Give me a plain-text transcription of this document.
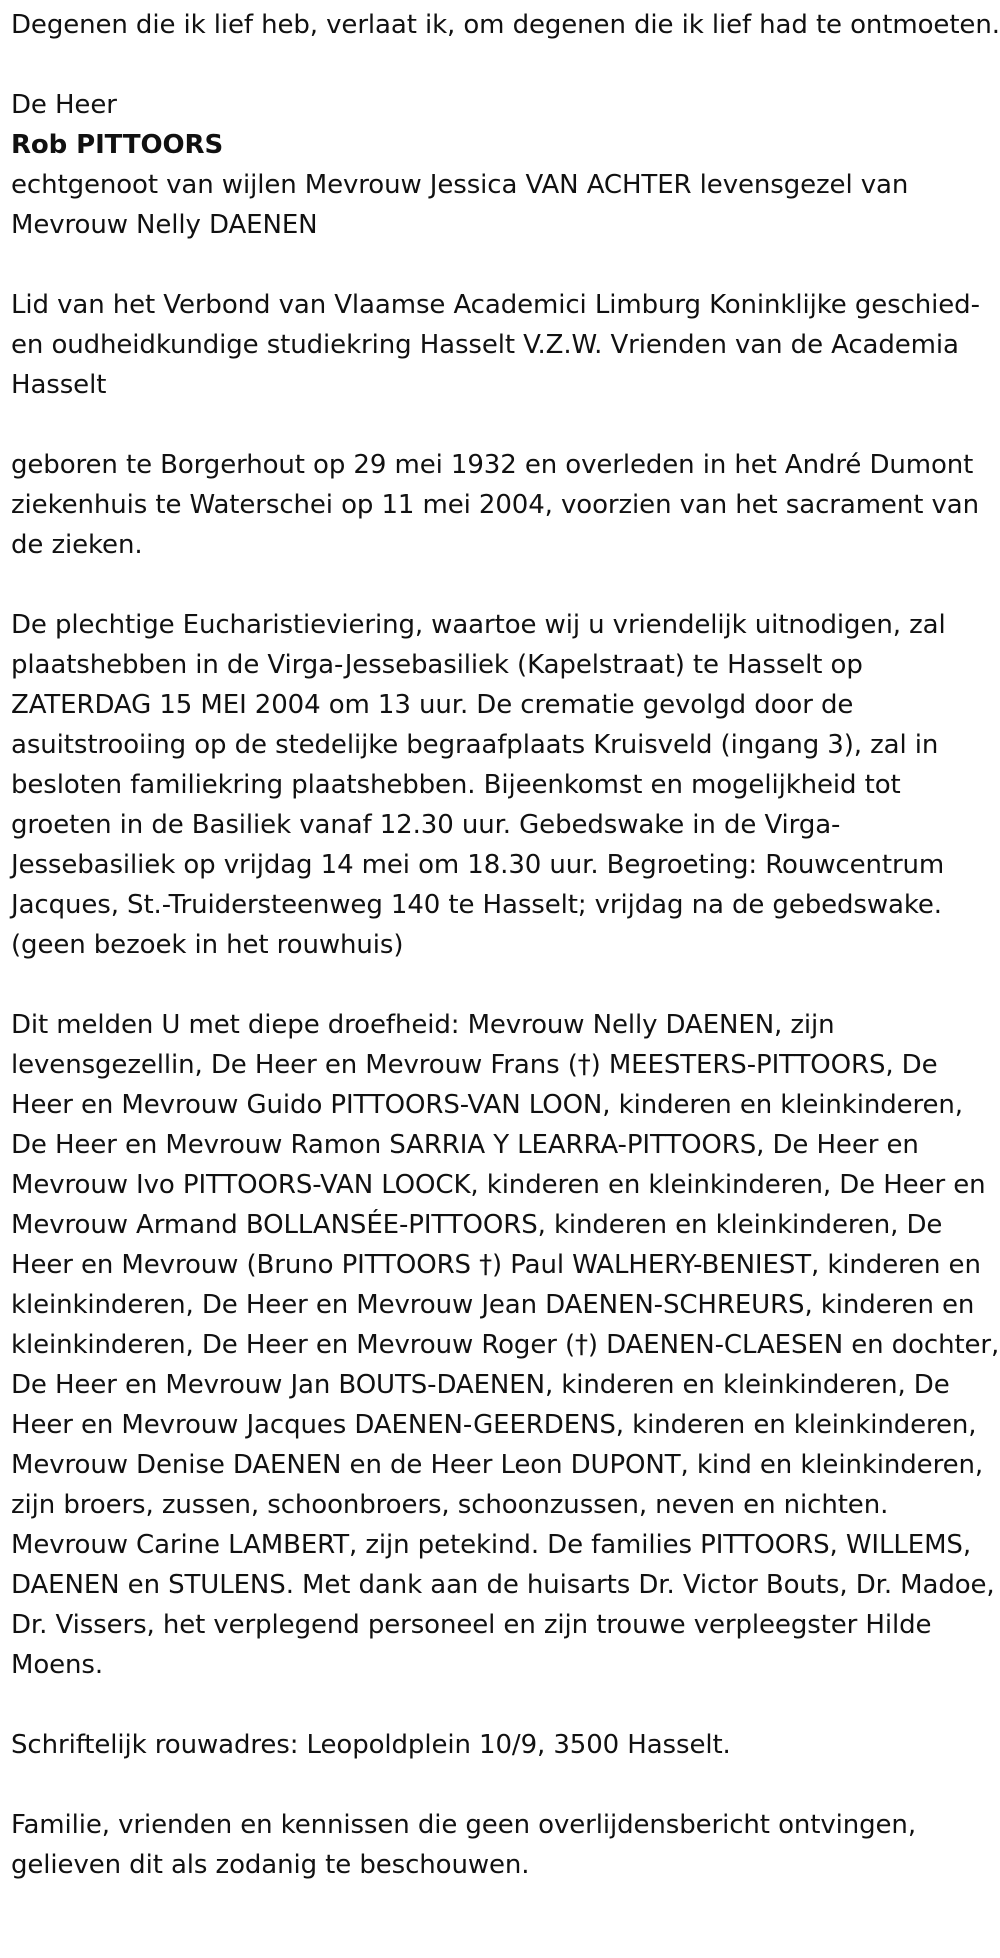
Degenen die ik lief heb, verlaat ik, om degenen die ik lief had te ontmoeten.

De Heer

Rob PITTOORS

echtgenoot van wijlen Mevrouw Jessica VAN ACHTER levensgezel van Mevrouw Nelly DAENEN

Lid van het Verbond van Vlaamse Academici Limburg Koninklijke geschied- en oudheidkundige studiekring Hasselt V.Z.W. Vrienden van de Academia Hasselt

geboren te Borgerhout op 29 mei 1932 en overleden in het André Dumont ziekenhuis te Waterschei op 11 mei 2004, voorzien van het sacrament van de zieken.

De plechtige Eucharistieviering, waartoe wij u vriendelijk uitnodigen, zal plaatshebben in de Virga-Jessebasiliek (Kapelstraat) te Hasselt op ZATERDAG 15 MEI 2004 om 13 uur. De crematie gevolgd door de asuitstrooiing op de stedelijke begraafplaats Kruisveld (ingang 3), zal in besloten familiekring plaatshebben. Bijeenkomst en mogelijkheid tot groeten in de Basiliek vanaf 12.30 uur. Gebedswake in de Virga-Jessebasiliek op vrijdag 14 mei om 18.30 uur. Begroeting: Rouwcentrum Jacques, St.-Truidersteenweg 140 te Hasselt; vrijdag na de gebedswake. (geen bezoek in het rouwhuis)

Dit melden U met diepe droefheid: Mevrouw Nelly DAENEN, zijn levensgezellin, De Heer en Mevrouw Frans (†) MEESTERS-PITTOORS, De Heer en Mevrouw Guido PITTOORS-VAN LOON, kinderen en kleinkinderen, De Heer en Mevrouw Ramon SARRIA Y LEARRA-PITTOORS, De Heer en Mevrouw Ivo PITTOORS-VAN LOOCK, kinderen en kleinkinderen, De Heer en Mevrouw Armand BOLLANSÉE-PITTOORS, kinderen en kleinkinderen, De Heer en Mevrouw (Bruno PITTOORS †) Paul WALHERY-BENIEST, kinderen en kleinkinderen, De Heer en Mevrouw Jean DAENEN-SCHREURS, kinderen en kleinkinderen, De Heer en Mevrouw Roger (†) DAENEN-CLAESEN en dochter, De Heer en Mevrouw Jan BOUTS-DAENEN, kinderen en kleinkinderen, De Heer en Mevrouw Jacques DAENEN-GEERDENS, kinderen en kleinkinderen, Mevrouw Denise DAENEN en de Heer Leon DUPONT, kind en kleinkinderen, zijn broers, zussen, schoonbroers, schoonzussen, neven en nichten. Mevrouw Carine LAMBERT, zijn petekind. De families PITTOORS, WILLEMS, DAENEN en STULENS. Met dank aan de huisarts Dr. Victor Bouts, Dr. Madoe, Dr. Vissers, het verplegend personeel en zijn trouwe verpleegster Hilde Moens.

Schriftelijk rouwadres: Leopoldplein 10/9, 3500 Hasselt.

Familie, vrienden en kennissen die geen overlijdensbericht ontvingen, gelieven dit als zodanig te beschouwen.
